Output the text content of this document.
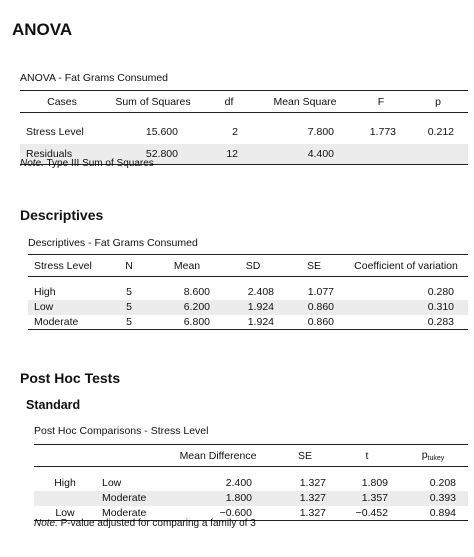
ANOVA

ANOVA - Fat Grams Consumed

Cases	Sum of Squares	df	Mean Square	F	p
Stress Level	15.600	2	7.800	1.773	0.212
Residuals	52.800	12	4.400		

Note. Type III Sum of Squares

Descriptives

Descriptives - Fat Grams Consumed

Stress Level	N	Mean	SD	SE	Coefficient of variation
High	5	8.600	2.408	1.077	0.280
Low	5	6.200	1.924	0.860	0.310
Moderate	5	6.800	1.924	0.860	0.283
Post Hoc Tests
Standard

Post Hoc Comparisons - Stress Level

		Mean Difference	SE	t	$p_{tukey}$
High	Low	2.400	1.327	1.809	0.208
	Moderate	1.800	1.327	1.357	0.393
Low	Moderate	−0.600	1.327	−0.452	0.894

Note. P-value adjusted for comparing a family of 3
